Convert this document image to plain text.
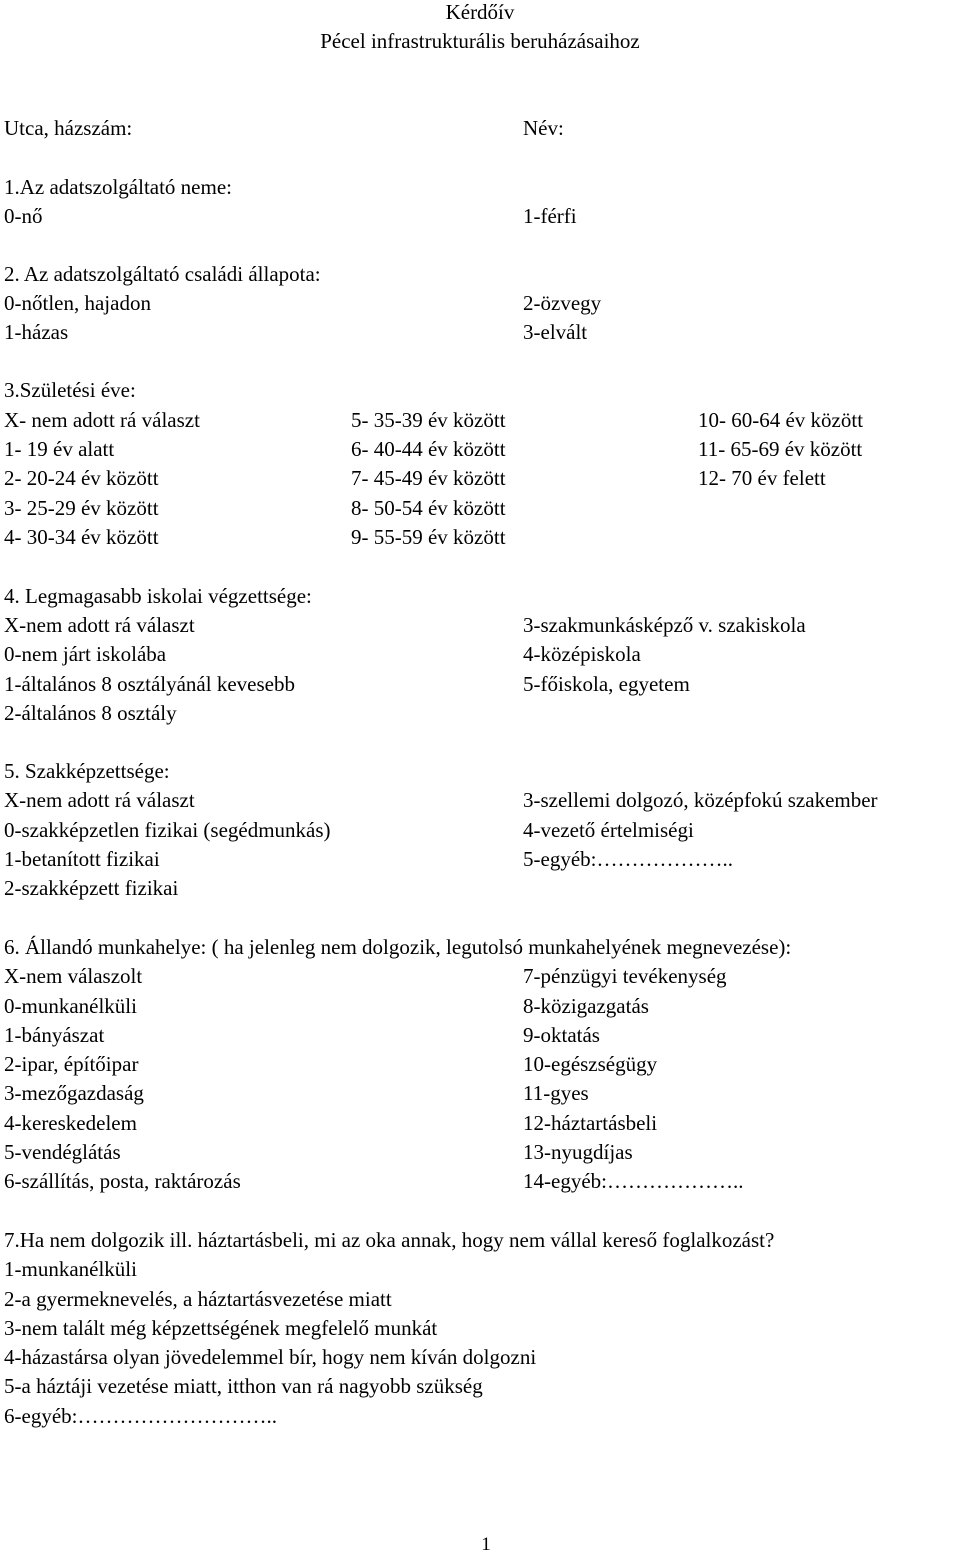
Kérdőív
Pécel infrastrukturális beruházásaihoz
Utca, házszám:	Név:
1.Az adatszolgáltató neme:
0-nő	1-férfi
2. Az adatszolgáltató családi állapota:
0-nőtlen, hajadon
1-házas
2-özvegy
3-elvált
3.Születési éve:
X- nem adott rá választ
1- 19 év alatt
2- 20-24 év között
3- 25-29 év között
4- 30-34 év között
5- 35-39 év között
6- 40-44 év között
7- 45-49 év között
8- 50-54 év között
9- 55-59 év között
10- 60-64 év között
11- 65-69 év között
12- 70 év felett
4. Legmagasabb iskolai végzettsége:
X-nem adott rá választ
0-nem járt iskolába
1-általános 8 osztályánál kevesebb
2-általános 8 osztály
3-szakmunkásképző v. szakiskola
4-középiskola
5-főiskola, egyetem
5. Szakképzettsége:
X-nem adott rá választ
0-szakképzetlen fizikai (segédmunkás)
1-betanított fizikai
2-szakképzett fizikai
3-szellemi dolgozó, középfokú szakember
4-vezető értelmiségi
5-egyéb:………………..
6. Állandó munkahelye: ( ha jelenleg nem dolgozik, legutolsó munkahelyének megnevezése):
X-nem válaszolt
0-munkanélküli
1-bányászat
2-ipar, építőipar
3-mezőgazdaság
4-kereskedelem
5-vendéglátás
6-szállítás, posta, raktározás
7-pénzügyi tevékenység
8-közigazgatás
9-oktatás
10-egészségügy
11-gyes
12-háztartásbeli
13-nyugdíjas
14-egyéb:………………..
7.Ha nem dolgozik ill. háztartásbeli, mi az oka annak, hogy nem vállal kereső foglalkozást?
1-munkanélküli
2-a gyermeknevelés, a háztartásvezetése miatt
3-nem talált még képzettségének megfelelő munkát
4-házastársa olyan jövedelemmel bír, hogy nem kíván dolgozni
5-a háztáji vezetése miatt, itthon van rá nagyobb szükség
6-egyéb:………………………..
1
